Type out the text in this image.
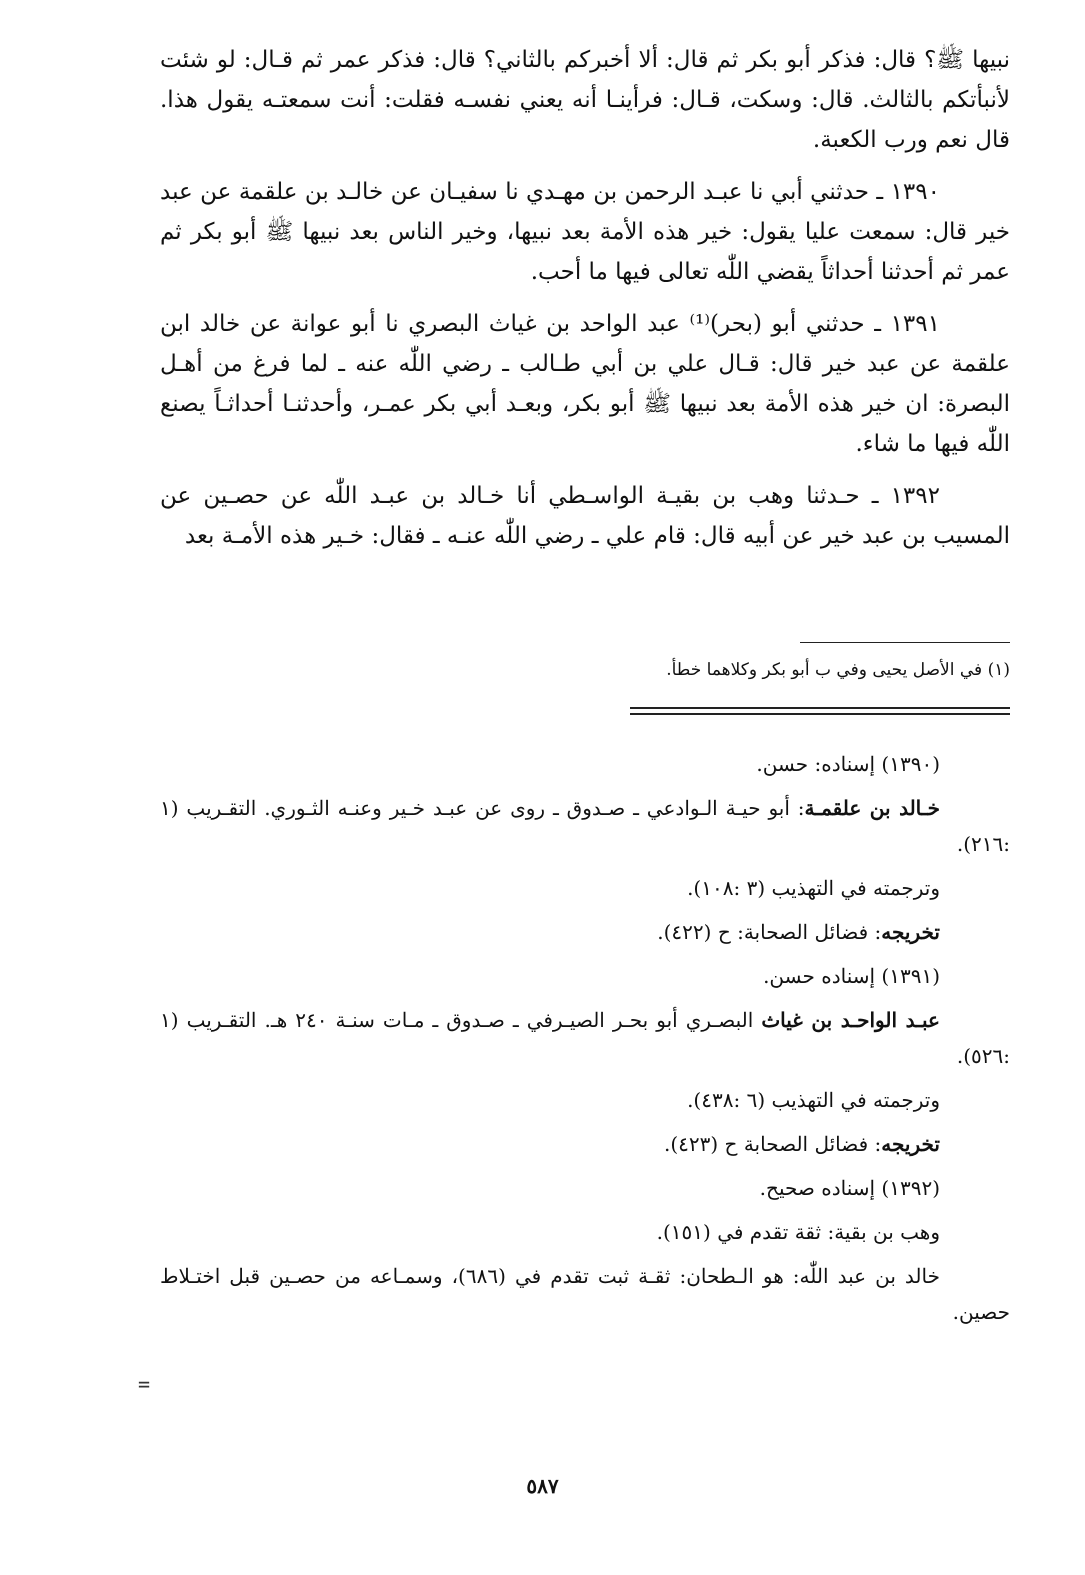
نبيها ﷺ؟ قال: فذكر أبو بكر ثم قال: ألا أخبركم بالثاني؟ قال: فذكر عمر ثم قـال: لو شئت لأنبأتكم بالثالث. قال: وسكت، قـال: فرأينـا أنه يعني نفسـه فقلت: أنت سمعتـه يقول هذا. قال نعم ورب الكعبة.

١٣٩٠ ـ حدثني أبي نا عبـد الرحمن بن مهـدي نا سفيـان عن خالـد بن علقمة عن عبد خير قال: سمعت عليا يقول: خير هذه الأمة بعد نبيها، وخير الناس بعد نبيها ﷺ أبو بكر ثم عمر ثم أحدثنا أحداثاً يقضي اللّٰه تعالى فيها ما أحب.

١٣٩١ ـ حدثني أبو (بحر)⁽¹⁾ عبد الواحد بن غياث البصري نا أبو عوانة عن خالد ابن علقمة عن عبد خير قال: قـال علي بن أبي طـالب ـ رضي اللّٰه عنه ـ لما فرغ من أهـل البصرة: ان خير هذه الأمة بعد نبيها ﷺ أبو بكر، وبعـد أبي بكر عمـر، وأحدثنـا أحداثـاً يصنع اللّٰه فيها ما شاء.

١٣٩٢ ـ حـدثنا وهب بن بقيـة الواسـطي أنا خـالد بن عبـد اللّٰه عن حصـين عن المسيب بن عبد خير عن أبيه قال: قام علي ـ رضي اللّٰه عنـه ـ فقال: خـير هذه الأمـة بعد

(١) في الأصل يحيى وفي ب أبو بكر وكلاهما خطأ.

(١٣٩٠) إسناده: حسن.

خـالد بن علقمـة: أبو حيـة الـوادعي ـ صـدوق ـ روى عن عبـد خـير وعنـه الثـوري. التقـريب (١ :٢١٦).

وترجمته في التهذيب (٣ :١٠٨).

تخريجه: فضائل الصحابة: ح (٤٢٢).

(١٣٩١) إسناده حسن.

عبـد الواحـد بن غياث البصـري أبو بحـر الصيـرفي ـ صـدوق ـ مـات سنـة ٢٤٠ هـ. التقـريب (١ :٥٢٦).

وترجمته في التهذيب (٦ :٤٣٨).

تخريجه: فضائل الصحابة ح (٤٢٣).

(١٣٩٢) إسناده صحيح.

وهب بن بقية: ثقة تقدم في (١٥١).

خالد بن عبد اللّٰه: هو الـطحان: ثقـة ثبت تقدم في (٦٨٦)، وسمـاعه من حصـين قبل اختـلاط حصين.

=
٥٨٧
